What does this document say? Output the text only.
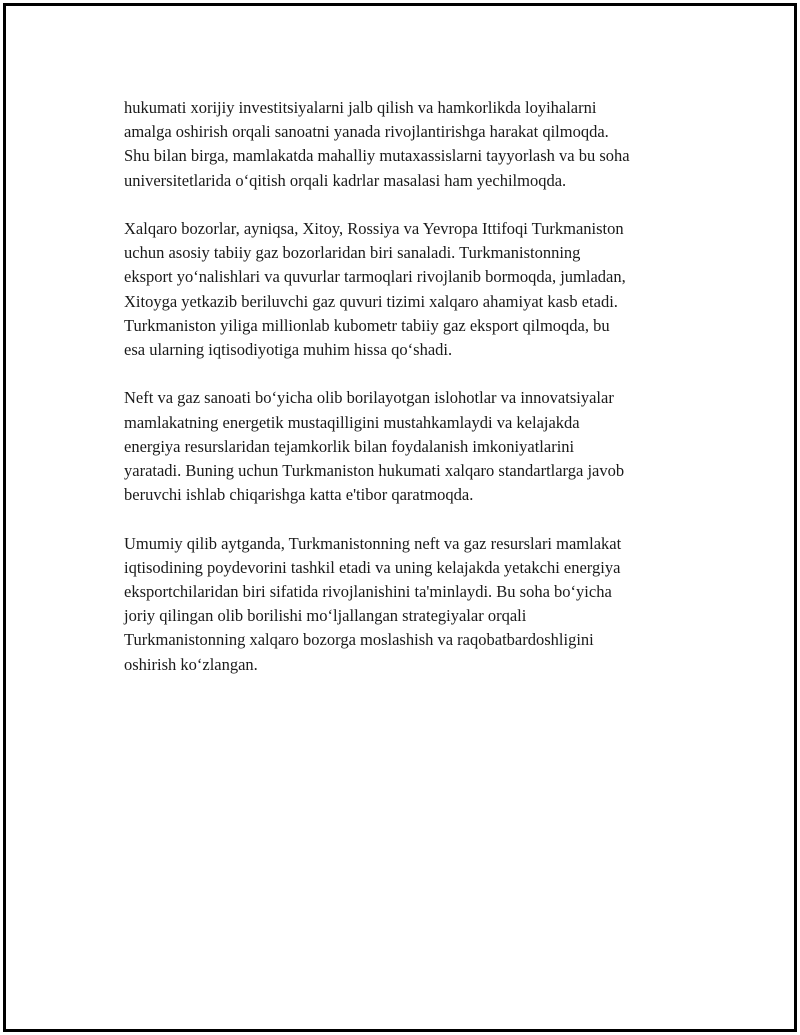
hukumati xorijiy investitsiyalarni jalb qilish va hamkorlikda loyihalarni
amalga oshirish orqali sanoatni yanada rivojlantirishga harakat qilmoqda.
Shu bilan birga, mamlakatda mahalliy mutaxassislarni tayyorlash va bu soha
universitetlarida o‘qitish orqali kadrlar masalasi ham yechilmoqda.

Xalqaro bozorlar, ayniqsa, Xitoy, Rossiya va Yevropa Ittifoqi Turkmaniston
uchun asosiy tabiiy gaz bozorlaridan biri sanaladi. Turkmanistonning
eksport yo‘nalishlari va quvurlar tarmoqlari rivojlanib bormoqda, jumladan,
Xitoyga yetkazib beriluvchi gaz quvuri tizimi xalqaro ahamiyat kasb etadi.
Turkmaniston yiliga millionlab kubometr tabiiy gaz eksport qilmoqda, bu
esa ularning iqtisodiyotiga muhim hissa qo‘shadi.

Neft va gaz sanoati bo‘yicha olib borilayotgan islohotlar va innovatsiyalar
mamlakatning energetik mustaqilligini mustahkamlaydi va kelajakda
energiya resurslaridan tejamkorlik bilan foydalanish imkoniyatlarini
yaratadi. Buning uchun Turkmaniston hukumati xalqaro standartlarga javob
beruvchi ishlab chiqarishga katta e'tibor qaratmoqda.

Umumiy qilib aytganda, Turkmanistonning neft va gaz resurslari mamlakat
iqtisodining poydevorini tashkil etadi va uning kelajakda yetakchi energiya
eksportchilaridan biri sifatida rivojlanishini ta'minlaydi. Bu soha bo‘yicha
joriy qilingan olib borilishi mo‘ljallangan strategiyalar orqali
Turkmanistonning xalqaro bozorga moslashish va raqobatbardoshligini
oshirish ko‘zlangan.
